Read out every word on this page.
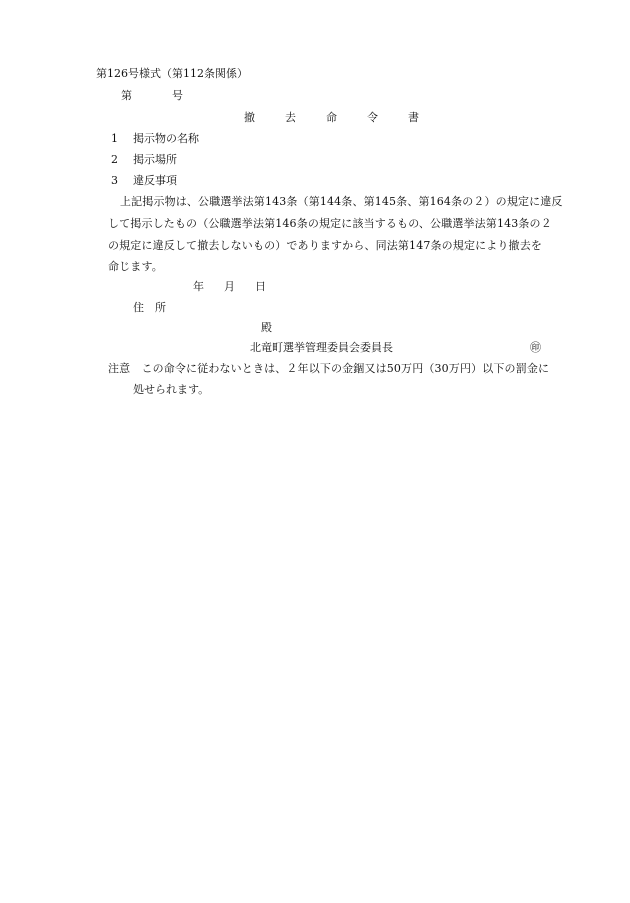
第126号様式（第112条関係）
第	号
撤	去	命	令	書
1 掲示物の名称
2 掲示場所
3 違反事項
上記掲示物は、公職選挙法第143条（第144条、第145条、第164条の２）の規定に違反
して掲示したもの（公職選挙法第146条の規定に該当するもの、公職選挙法第143条の２
の規定に違反して撤去しないもの）でありますから、同法第147条の規定により撤去を
命じます。
年 月 日
住　所
殿
北竜町選挙管理委員会委員長	㊞
注意　この命令に従わないときは、２年以下の金錮又は50万円（30万円）以下の罰金に
処せられます。
